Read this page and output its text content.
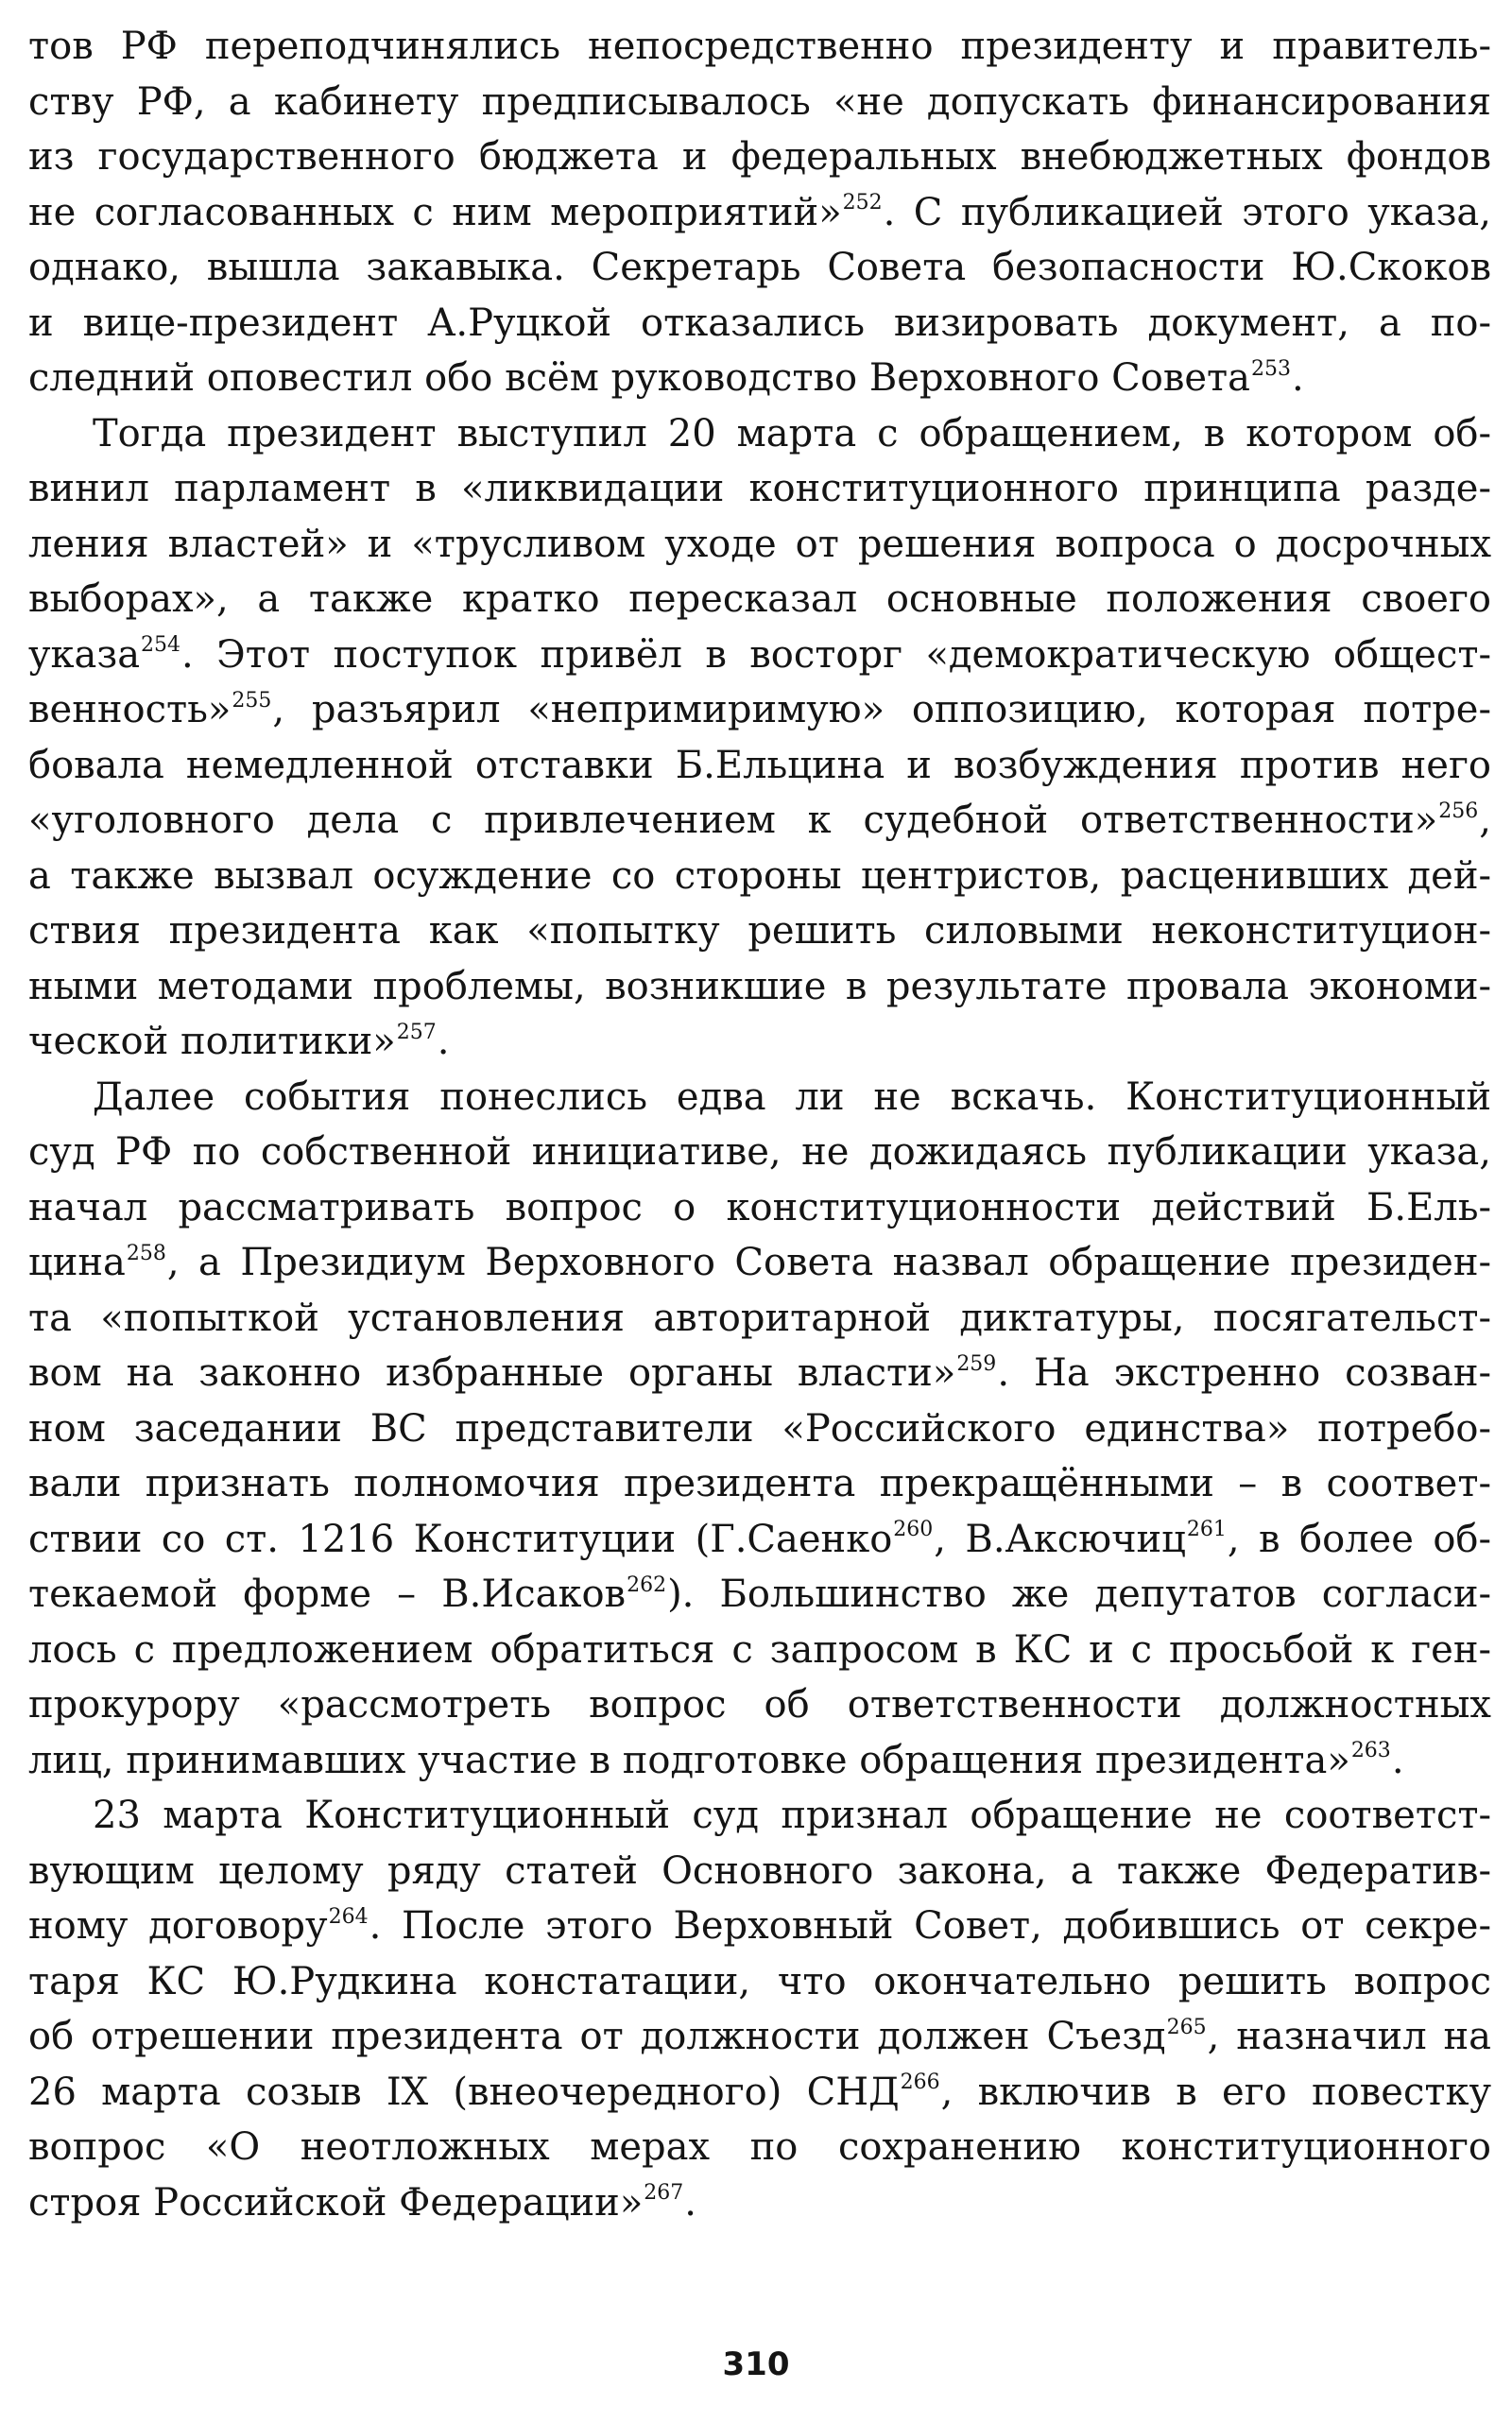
тов РФ переподчинялись непосредственно президенту и правитель-
ству РФ, а кабинету предписывалось «не допускать финансирования
из государственного бюджета и федеральных внебюджетных фондов
не согласованных с ним мероприятий»$^{252}$. С публикацией этого указа,
однако, вышла закавыка. Секретарь Совета безопасности Ю.Скоков
и вице-президент А.Руцкой отказались визировать документ, а по-
следний оповестил обо всём руководство Верховного Совета$^{253}$.
Тогда президент выступил 20 марта с обращением, в котором об-
винил парламент в «ликвидации конституционного принципа разде-
ления властей» и «трусливом уходе от решения вопроса о досрочных
выборах», а также кратко пересказал основные положения своего
указа$^{254}$. Этот поступок привёл в восторг «демократическую общест-
венность»$^{255}$, разъярил «непримиримую» оппозицию, которая потре-
бовала немедленной отставки Б.Ельцина и возбуждения против него
«уголовного дела с привлечением к судебной ответственности»$^{256}$,
а также вызвал осуждение со стороны центристов, расценивших дей-
ствия президента как «попытку решить силовыми неконституцион-
ными методами проблемы, возникшие в результате провала экономи-
ческой политики»$^{257}$.
Далее события понеслись едва ли не вскачь. Конституционный
суд РФ по собственной инициативе, не дожидаясь публикации указа,
начал рассматривать вопрос о конституционности действий Б.Ель-
цина$^{258}$, а Президиум Верховного Совета назвал обращение президен-
та «попыткой установления авторитарной диктатуры, посягательст-
вом на законно избранные органы власти»$^{259}$. На экстренно созван-
ном заседании ВС представители «Российского единства» потребо-
вали признать полномочия президента прекращёнными – в соответ-
ствии со ст. 1216 Конституции (Г.Саенко$^{260}$, В.Аксючиц$^{261}$, в более об-
текаемой форме – В.Исаков$^{262}$). Большинство же депутатов согласи-
лось с предложением обратиться с запросом в КС и с просьбой к ген-
прокурору «рассмотреть вопрос об ответственности должностных
лиц, принимавших участие в подготовке обращения президента»$^{263}$.
23 марта Конституционный суд признал обращение не соответст-
вующим целому ряду статей Основного закона, а также Федератив-
ному договору$^{264}$. После этого Верховный Совет, добившись от секре-
таря КС Ю.Рудкина констатации, что окончательно решить вопрос
об отрешении президента от должности должен Съезд$^{265}$, назначил на
26 марта созыв IX (внеочередного) СНД$^{266}$, включив в его повестку
вопрос «О неотложных мерах по сохранению конституционного
строя Российской Федерации»$^{267}$.
310
